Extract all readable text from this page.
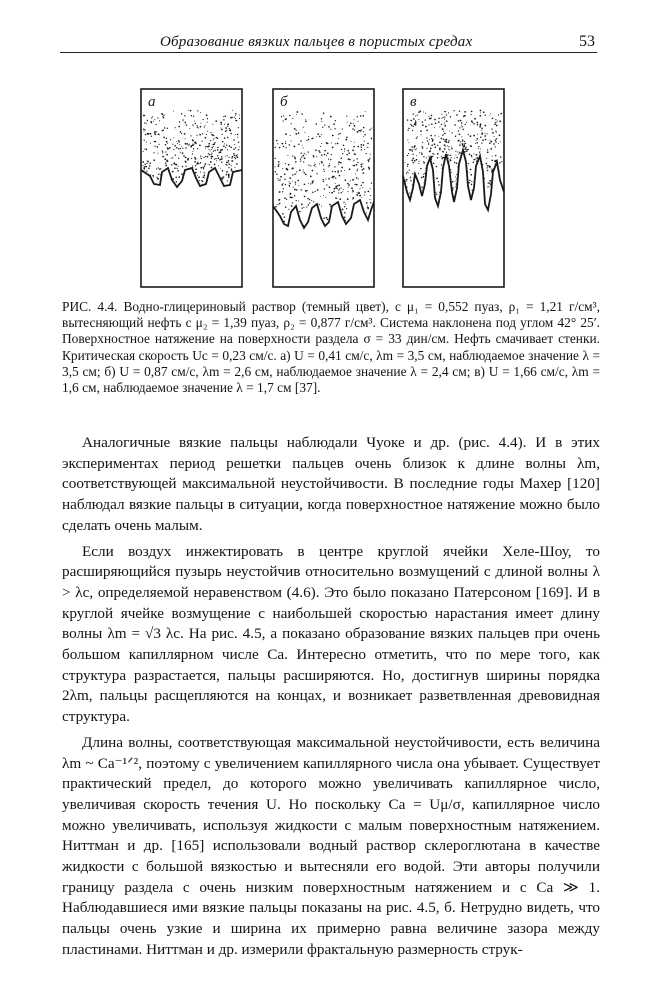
Образование вязких пальцев в пористых средах	53
а	б	в

РИС. 4.4. Водно-глицериновый раствор (темный цвет), с μ₁ = 0,552 пуаз, ρ₁ = 1,21 г/см³, вытесняющий нефть с μ₂ = 1,39 пуаз, ρ₂ = 0,877 г/см³. Система наклонена под углом 42° 25′. Поверхностное натяжение на поверхности раздела σ = 33 дин/см. Нефть смачивает стенки. Критическая скорость Uc = 0,23 см/с. а) U = 0,41 см/с, λm = 3,5 см, наблюдаемое значение λ = 3,5 см; б) U = 0,87 см/с, λm = 2,6 см, наблюдаемое значение λ = 2,4 см; в) U = 1,66 см/с, λm = 1,6 см, наблюдаемое значение λ = 1,7 см [37].

Аналогичные вязкие пальцы наблюдали Чуоке и др. (рис. 4.4). И в этих экспериментах период решетки пальцев очень близок к длине волны λm, соответствующей максимальной неустойчивости. В последние годы Махер [120] наблюдал вязкие пальцы в ситуации, когда поверхностное натяжение можно было сделать очень малым.

Если воздух инжектировать в центре круглой ячейки Хеле-Шоу, то расширяющийся пузырь неустойчив относительно возмущений с длиной волны λ > λc, определяемой неравенством (4.6). Это было показано Патерсоном [169]. И в круглой ячейке возмущение с наибольшей скоростью нарастания имеет длину волны λm = √3 λc. На рис. 4.5, а показано образование вязких пальцев при очень большом капиллярном числе Ca. Интересно отметить, что по мере того, как структура разрастается, пальцы расширяются. Но, достигнув ширины порядка 2λm, пальцы расщепляются на концах, и возникает разветвленная древовидная структура.

Длина волны, соответствующая максимальной неустойчивости, есть величина λm ~ Ca⁻¹ᐟ², поэтому с увеличением капиллярного числа она убывает. Существует практический предел, до которого можно увеличивать капиллярное число, увеличивая скорость течения U. Но поскольку Ca = Uμ/σ, капиллярное число можно увеличивать, используя жидкости с малым поверхностным натяжением. Ниттман и др. [165] использовали водный раствор склероглютана в качестве жидкости с большой вязкостью и вытесняли его водой. Эти авторы получили границу раздела с очень низким поверхностным натяжением и с Ca ≫ 1. Наблюдавшиеся ими вязкие пальцы показаны на рис. 4.5, б. Нетрудно видеть, что пальцы очень узкие и ширина их примерно равна величине зазора между пластинами. Ниттман и др. измерили фрактальную размерность струк-
